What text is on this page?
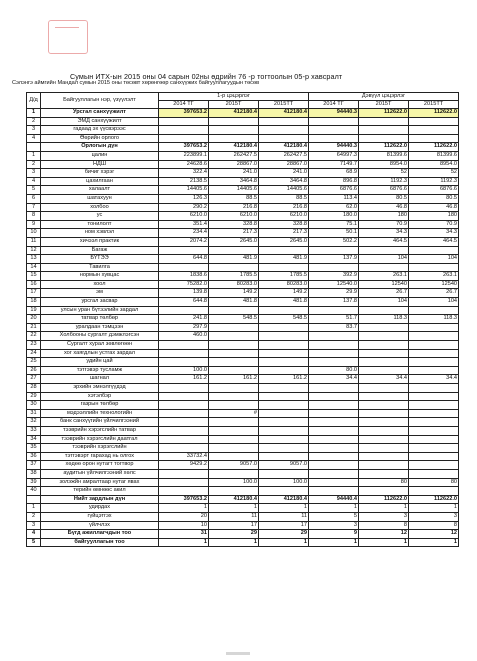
Сумын ИТХ-ын 2015 оны 04 сарын 02ны өдрийн 76 -р тогтоолын 05-р хавсралт
Сэлэнгэ аймгийн Мандал сумын 2015 оны төсөвт хөрөнгөөр санхүүжих байгууллагуудын төсөв
Д/д	Байгууллагын нэр, үзүүлэлт	1-р цэцэрлэг			Дэвүүл цэцэрлэг		
		2014 ТГ	2015Т	2015ТТ	2014 ТГ	2015Т	2015ТТ
1	Урсгал санхүүжилт	397653.2	412180.4	412180.4	94440.3	112622.0	112622.0
2	ЭМД санхүүжилт						
3	гадаад эх үүсвэрээс						
4	Өөрийн орлого						
	Орлогын дүн	397653.2	412180.4	412180.4	94440.3	112622.0	112622.0
1	цалин	223899.1	262427.5	262427.5	64997.3	81399.6	81399.6
2	НДШ	24628.6	28867.0	28867.0	7149.7	8954.0	8954.0
3	бичиг хэрэг	322.4	241.0	241.0	68.9	52	52
4	цахилгаан	2138.5	3464.8	3464.8	896.8	1192.3	1192.3
5	халаалт	14405.6	14405.6	14405.6	6876.6	6876.6	6876.6
6	шатахуун	126.3	88.5	88.5	113.4	80.5	80.5
7	холбоо	290.2	216.8	216.8	62.0	46.8	46.8
8	ус	6210.0	6210.0	6210.0	180.0	180	180
9	тонилолт	351.4	328.8	328.8	75.1	70.9	70.9
10	ном хэвлэл	234.4	217.3	217.3	50.1	34.3	34.3
11	хичээл практик	2074.2	2645.0	2645.0	502.2	464.5	464.5
12	Багаж						
13	БҮТЭЭ	644.8	481.9	481.9	137.9	104	104
14	Тавилга						
15	нормын хувцас	1838.6	1785.5	1785.5	392.9	263.1	263.1
16	хоол	75282.0	80283.0	80283.0	12540.0	12540	12540
17	эм	139.8	149.2	149.2	29.9	26.7	26.7
18	урсгал засвар	644.8	481.8	481.8	137.8	104	104
19	улсын уран бүтээлийн зардал						
20	татвар төлбөр	241.8	548.5	548.5	51.7	118.3	118.3
21	уралдаан тэмцээн	297.9			83.7		
22	Холбооны сургалт дэмжлэгсэн	460.0					
23	Сургалт хурал зөвлөгөөн						
24	хог хаягдлын устгах зардал						
25	удийн цай						
26	тэтгэвэр тусламж	100.0			80.0		
27	шагнал	161.2	161.2	161.2	34.4	34.4	34.4
28	эрхийн эмнэлгүүдэд						
29	хэтэлбэр						
30	газрын төлбөр						
31	мэдээллийн технологийн		#				
32	банк санхүүгийн үйлчилгээний						
33	тээврийн хэрэгслийн татвар						
34	тээврийн хэрэгслийн даатгал						
35	тээврийн хэрэгслийн						
36	тэтгэвэрт гарахад нь олгох	33732.4					
37	хөдөө орон нутагт тогтвор	9429.2	9057.0	9057.0			
38	аудитын үйлчилгээний хөлс						
39	золэжйн амралтаар нутаг явах		100.0	100.0		80	80
40	терийн өмнөөс акил						
	Нийт зардлын дүн	397653.2	412180.4	412180.4	94440.4	112622.0	112622.0
1	удирдах	1	1	1	1	1	1
2	гүйцэтгэх	20	11	11	5	3	3
3	үйлчлэх	10	17	17	3	8	8
4	Бүгд ажиллагчдын тоо	31	29	29	9	12	12
5	байгууллагын тоо	1	1	1	1	1	1
